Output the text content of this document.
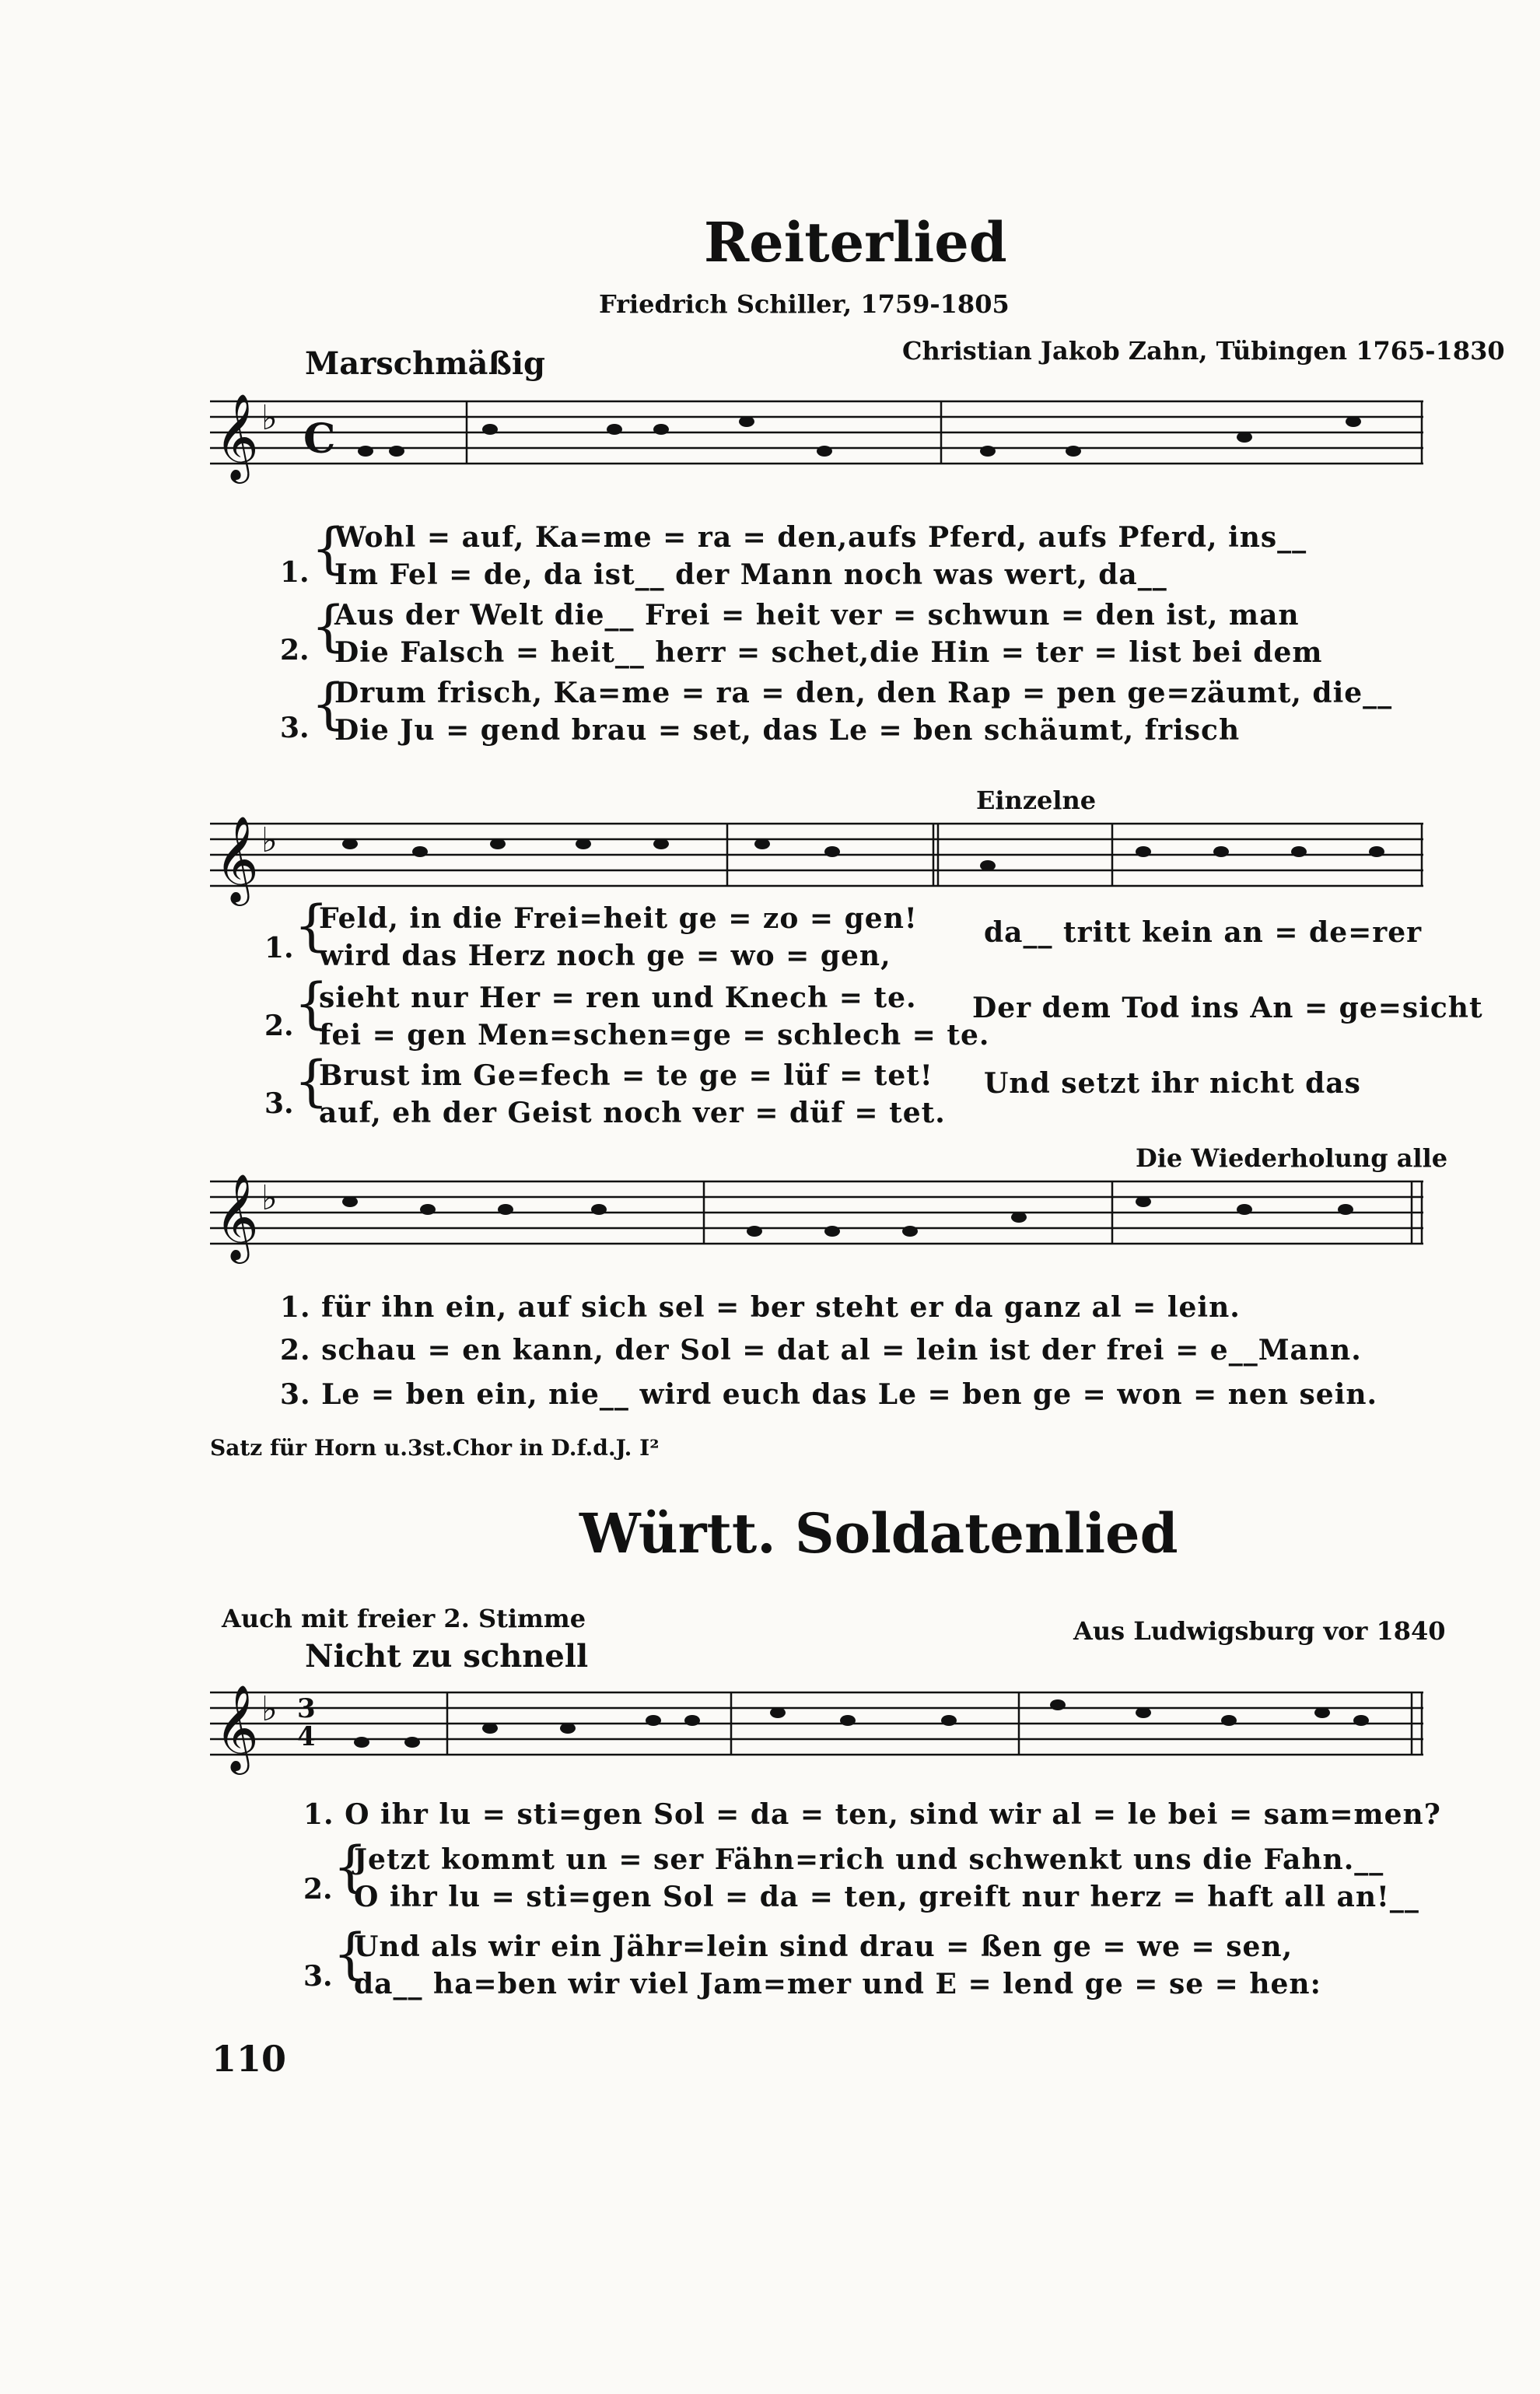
Reiterlied
Friedrich Schiller, 1759-1805
Christian Jakob Zahn, Tübingen 1765-1830
Marschmäßig
𝄞 ♭ C
1.
2.
3.
{
{
{
Wohl = auf, Ka=me = ra = den,aufs Pferd, aufs Pferd, ins__
Im Fel = de, da ist__ der Mann noch was wert, da__
Aus der Welt die__ Frei = heit ver = schwun = den ist, man
Die Falsch = heit__ herr = schet,die Hin = ter = list bei dem
Drum frisch, Ka=me = ra = den, den Rap = pen ge=zäumt, die__
Die Ju = gend brau = set, das Le = ben schäumt, frisch
Einzelne
𝄞 ♭
1.
2.
3.
{
{
{
Feld, in die Frei=heit ge = zo = gen!
wird das Herz noch ge = wo = gen,
sieht nur Her = ren und Knech = te.
fei = gen Men=schen=ge = schlech = te.
Brust im Ge=fech = te ge = lüf = tet!
auf, eh der Geist noch ver = düf = tet.
da__ tritt kein an = de=rer
Der dem Tod ins An = ge=sicht
Und setzt ihr nicht das
Die Wiederholung alle
𝄞 ♭
1. für ihn ein, auf sich sel = ber steht er da ganz al = lein.
2. schau = en kann, der Sol = dat al = lein ist der frei = e__Mann.
3. Le = ben ein, nie__ wird euch das Le = ben ge = won = nen sein.
Satz für Horn u.3st.Chor in D.f.d.J. I²
Württ. Soldatenlied
Auch mit freier 2. Stimme	Aus Ludwigsburg vor 1840
Nicht zu schnell
𝄞 ♭ 3
4
1. O ihr lu = sti=gen Sol = da = ten, sind wir al = le bei = sam=men?
2.
3.
{
{
Jetzt kommt un = ser Fähn=rich und schwenkt uns die Fahn.__
O ihr lu = sti=gen Sol = da = ten, greift nur herz = haft all an!__
Und als wir ein Jähr=lein sind drau = ßen ge = we = sen,
da__ ha=ben wir viel Jam=mer und E = lend ge = se = hen:
110
